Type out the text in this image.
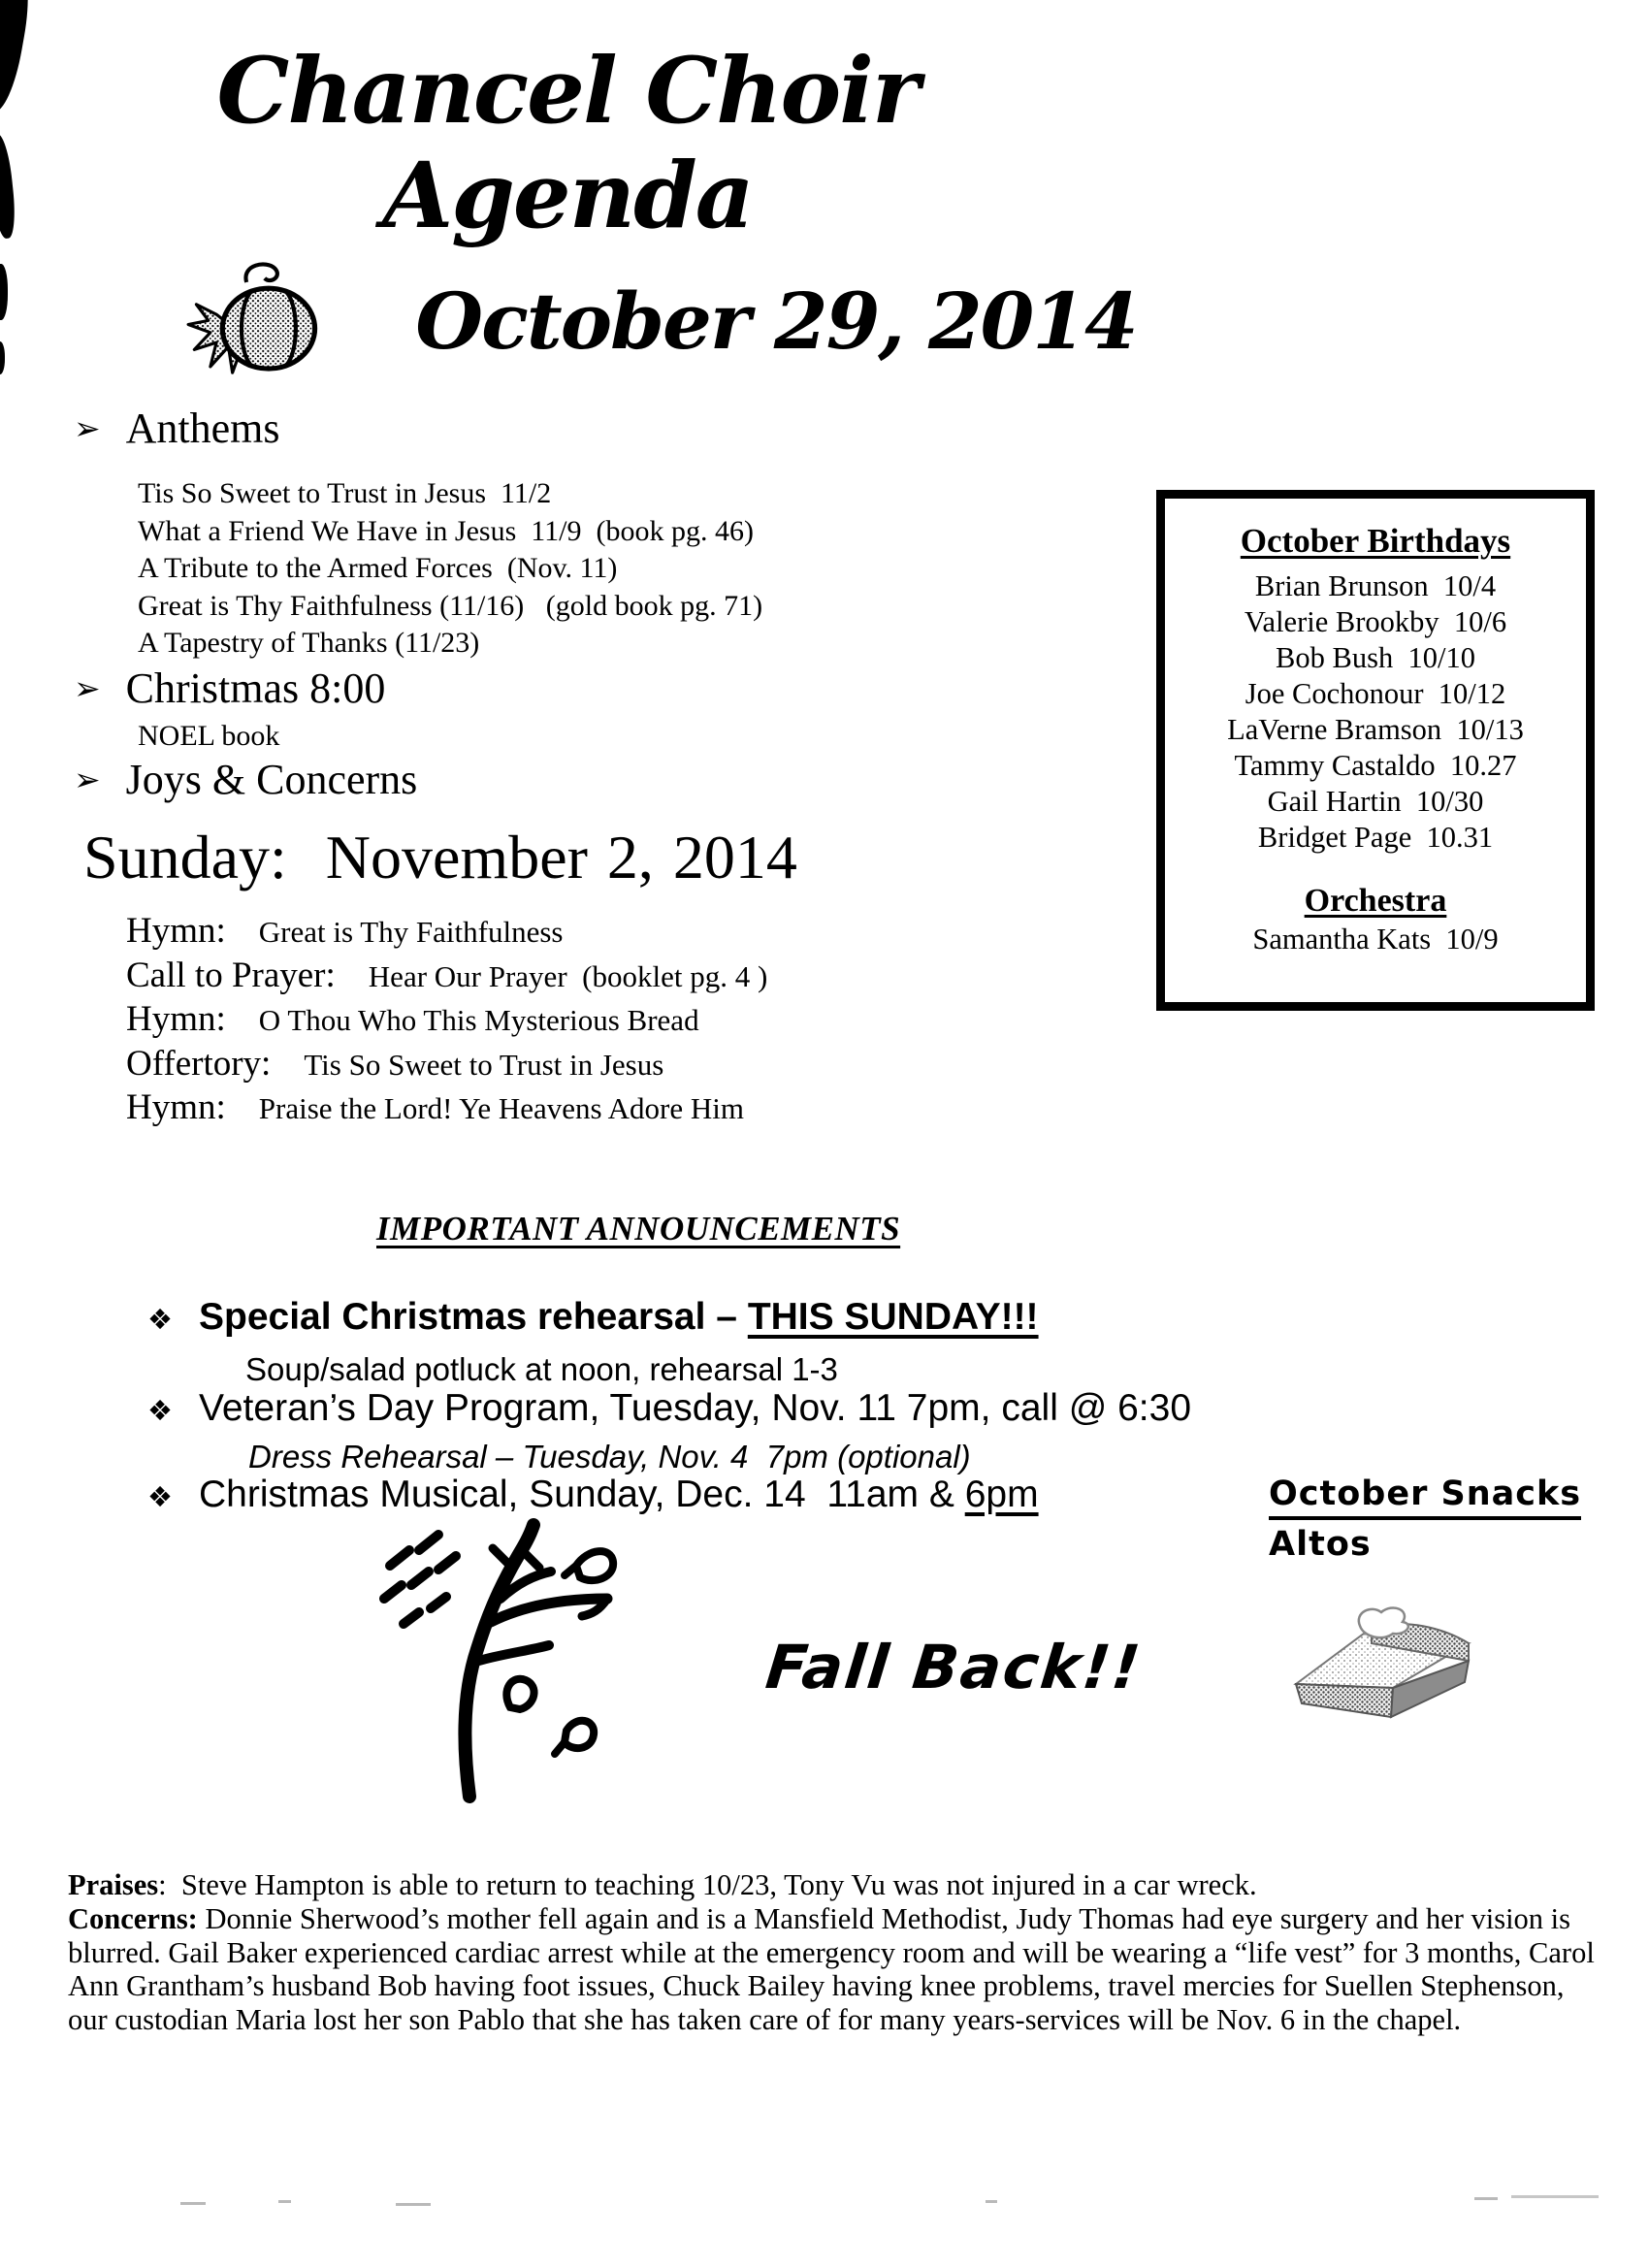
Chancel Choir Agenda
October 29, 2014
➢ Anthems
Tis So Sweet to Trust in Jesus  11/2
What a Friend We Have in Jesus  11/9  (book pg. 46)
A Tribute to the Armed Forces  (Nov. 11)
Great is Thy Faithfulness (11/16)   (gold book pg. 71)
A Tapestry of Thanks (11/23)
➢ Christmas 8:00
NOEL book
➢ Joys & Concerns
Sunday:  November 2, 2014
Hymn: Great is Thy Faithfulness
Call to Prayer: Hear Our Prayer  (booklet pg. 4 )
Hymn: O Thou Who This Mysterious Bread
Offertory: Tis So Sweet to Trust in Jesus
Hymn: Praise the Lord! Ye Heavens Adore Him
October Birthdays
Brian Brunson  10/4
Valerie Brookby  10/6
Bob Bush  10/10
Joe Cochonour  10/12
LaVerne Bramson  10/13
Tammy Castaldo  10.27
Gail Hartin  10/30
Bridget Page  10.31
Orchestra
Samantha Kats  10/9
IMPORTANT ANNOUNCEMENTS
❖ Special Christmas rehearsal – THIS SUNDAY!!!
Soup/salad potluck at noon, rehearsal 1-3
❖ Veteran’s Day Program, Tuesday, Nov. 11 7pm, call @ 6:30
Dress Rehearsal – Tuesday, Nov. 4  7pm (optional)
❖ Christmas Musical, Sunday, Dec. 14  11am & 6pm	October Snacks
Altos
Fall Back!!
Praises:  Steve Hampton is able to return to teaching 10/23, Tony Vu was not injured in a car wreck.
Concerns: Donnie Sherwood’s mother fell again and is a Mansfield Methodist, Judy Thomas had eye surgery and her vision is blurred. Gail Baker experienced cardiac arrest while at the emergency room and will be wearing a “life vest” for 3 months, Carol Ann Grantham’s husband Bob having foot issues, Chuck Bailey having knee problems, travel mercies for Suellen Stephenson, our custodian Maria lost her son Pablo that she has taken care of for many years-services will be Nov. 6 in the chapel.
